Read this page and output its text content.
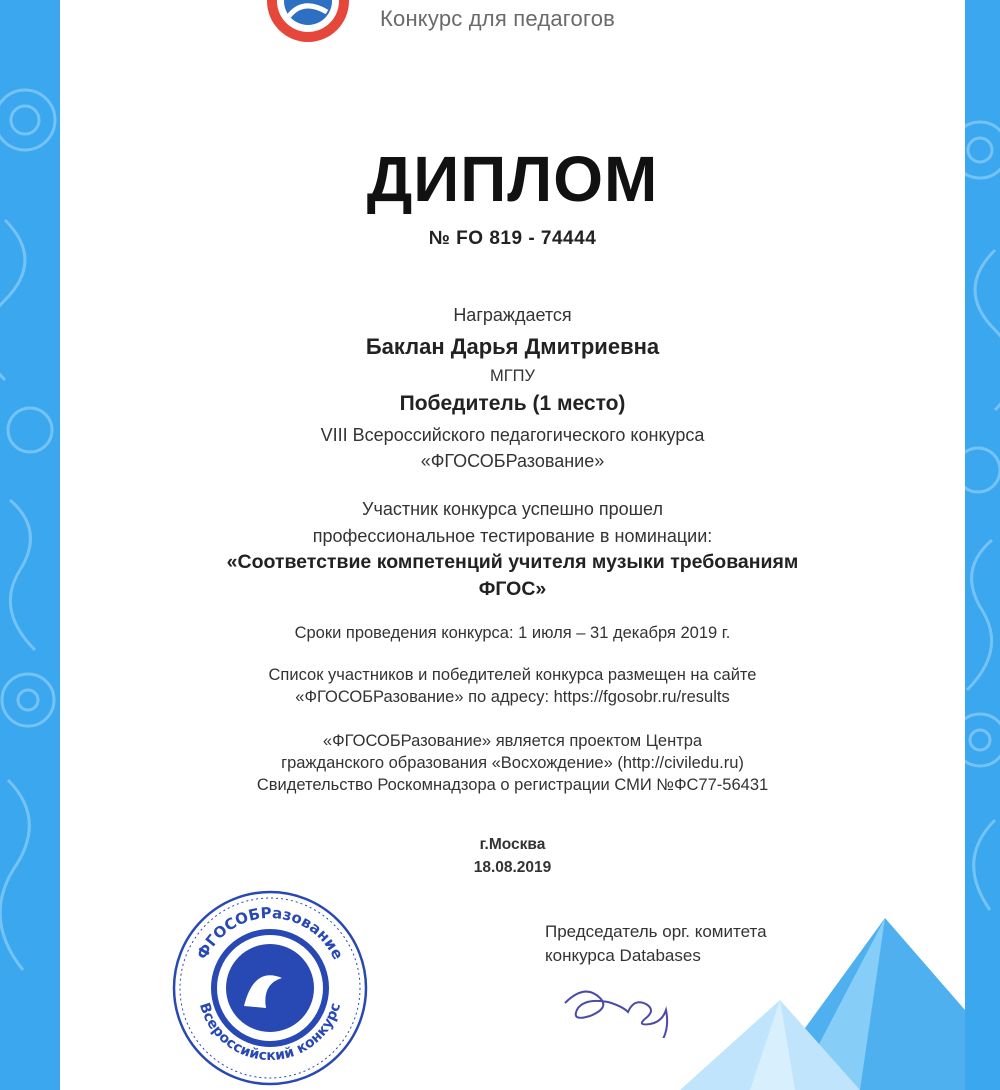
Конкурс для педагогов
ДИПЛОМ
№ FO 819 - 74444
Награждается
Баклан Дарья Дмитриевна
МГПУ
Победитель (1 место)
VIII Всероссийского педагогического конкурса
«ФГОСОБРазование»
Участник конкурса успешно прошел
профессиональное тестирование в номинации:
«Соответствие компетенций учителя музыки требованиям
ФГОС»
Сроки проведения конкурса: 1 июля – 31 декабря 2019 г.
Список участников и победителей конкурса размещен на сайте
«ФГОСОБРазование» по адресу: https://fgosobr.ru/results
«ФГОСОБРазование» является проектом Центра
гражданского образования «Восхождение» (http://civiledu.ru)
Свидетельство Роскомнадзора о регистрации СМИ №ФС77-56431
г.Москва
18.08.2019
ФГОСОБРазование
Всероссийский конкурс
Председатель орг. комитета
конкурса Databases
